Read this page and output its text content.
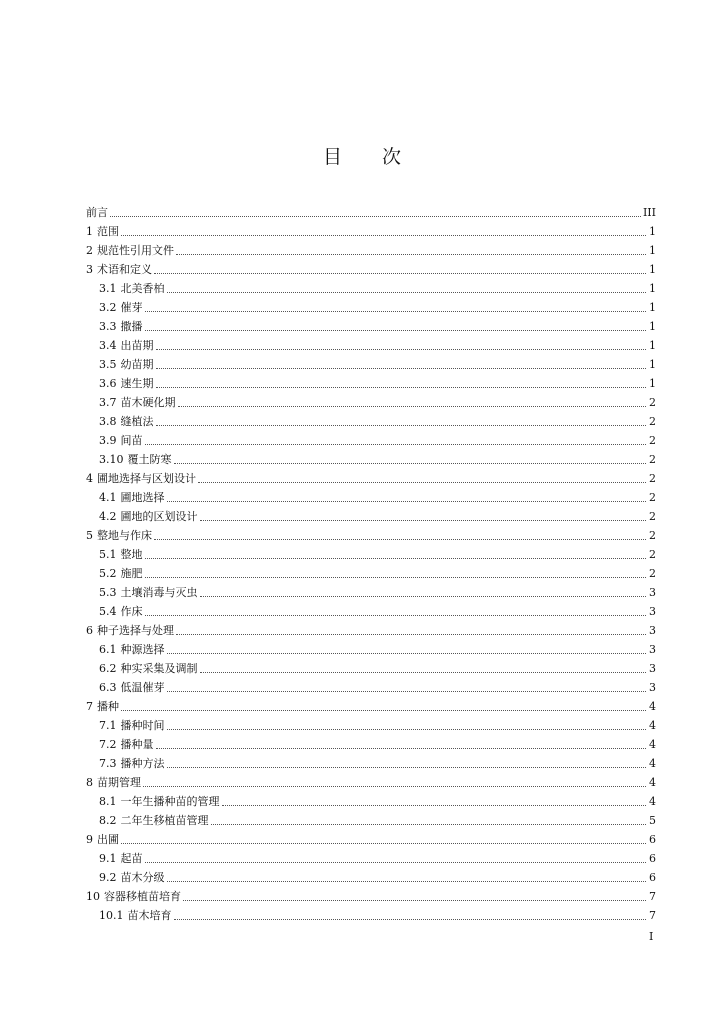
目 次
前言	III
1 范围	1
2 规范性引用文件	1
3 术语和定义	1
3.1 北美香柏	1
3.2 催芽	1
3.3 撒播	1
3.4 出苗期	1
3.5 幼苗期	1
3.6 速生期	1
3.7 苗木硬化期	2
3.8 缝植法	2
3.9 间苗	2
3.10 覆土防寒	2
4 圃地选择与区划设计	2
4.1 圃地选择	2
4.2 圃地的区划设计	2
5 整地与作床	2
5.1 整地	2
5.2 施肥	2
5.3 土壤消毒与灭虫	3
5.4 作床	3
6 种子选择与处理	3
6.1 种源选择	3
6.2 种实采集及调制	3
6.3 低温催芽	3
7 播种	4
7.1 播种时间	4
7.2 播种量	4
7.3 播种方法	4
8 苗期管理	4
8.1 一年生播种苗的管理	4
8.2 二年生移植苗管理	5
9 出圃	6
9.1 起苗	6
9.2 苗木分级	6
10 容器移植苗培育	7
10.1 苗木培育	7
I
